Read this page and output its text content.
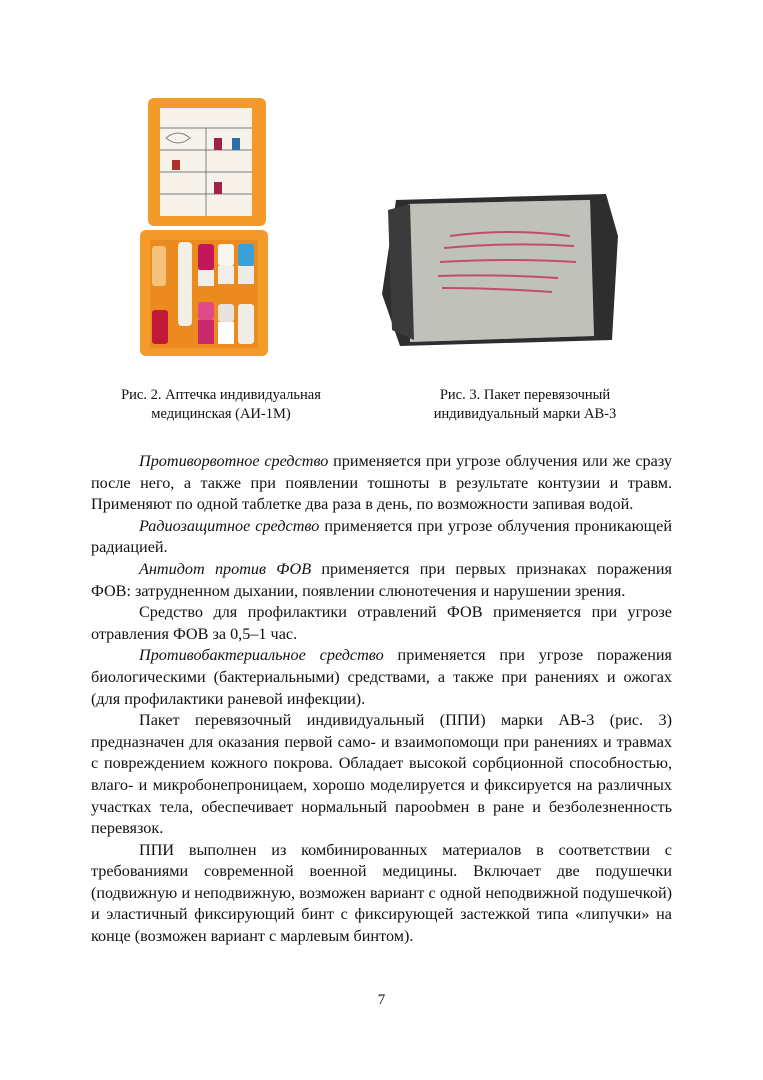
Рис. 2. Аптечка индивидуальная
медицинская (АИ-1М)
Рис. 3. Пакет перевязочный
индивидуальный марки АВ-3

Противорвотное средство применяется при угрозе облучения или же сразу после него, а также при появлении тошноты в результате контузии и травм. Применяют по одной таблетке два раза в день, по возможности запивая водой.

Радиозащитное средство применяется при угрозе облучения проникающей радиацией.

Антидот против ФОВ применяется при первых признаках поражения ФОВ: затрудненном дыхании, появлении слюнотечения и нарушении зрения.

Средство для профилактики отравлений ФОВ применяется при угрозе отравления ФОВ за 0,5–1 час.

Противобактериальное средство применяется при угрозе поражения биологическими (бактериальными) средствами, а также при ранениях и ожогах (для профилактики раневой инфекции).

Пакет перевязочный индивидуальный (ППИ) марки АВ-3 (рис. 3) предназначен для оказания первой само- и взаимопомощи при ранениях и травмах с повреждением кожного покрова. Обладает высокой сорбционной способностью, влаго- и микробонепроницаем, хорошо моделируется и фиксируется на различных участках тела, обеспечивает нормальный пароobмен в ране и безболезненность перевязок.

ППИ выполнен из комбинированных материалов в соответствии с требованиями современной военной медицины. Включает две подушечки (подвижную и неподвижную, возможен вариант с одной неподвижной подушечкой) и эластичный фиксирующий бинт с фиксирующей застежкой типа «липучки» на конце (возможен вариант с марлевым бинтом).

7
